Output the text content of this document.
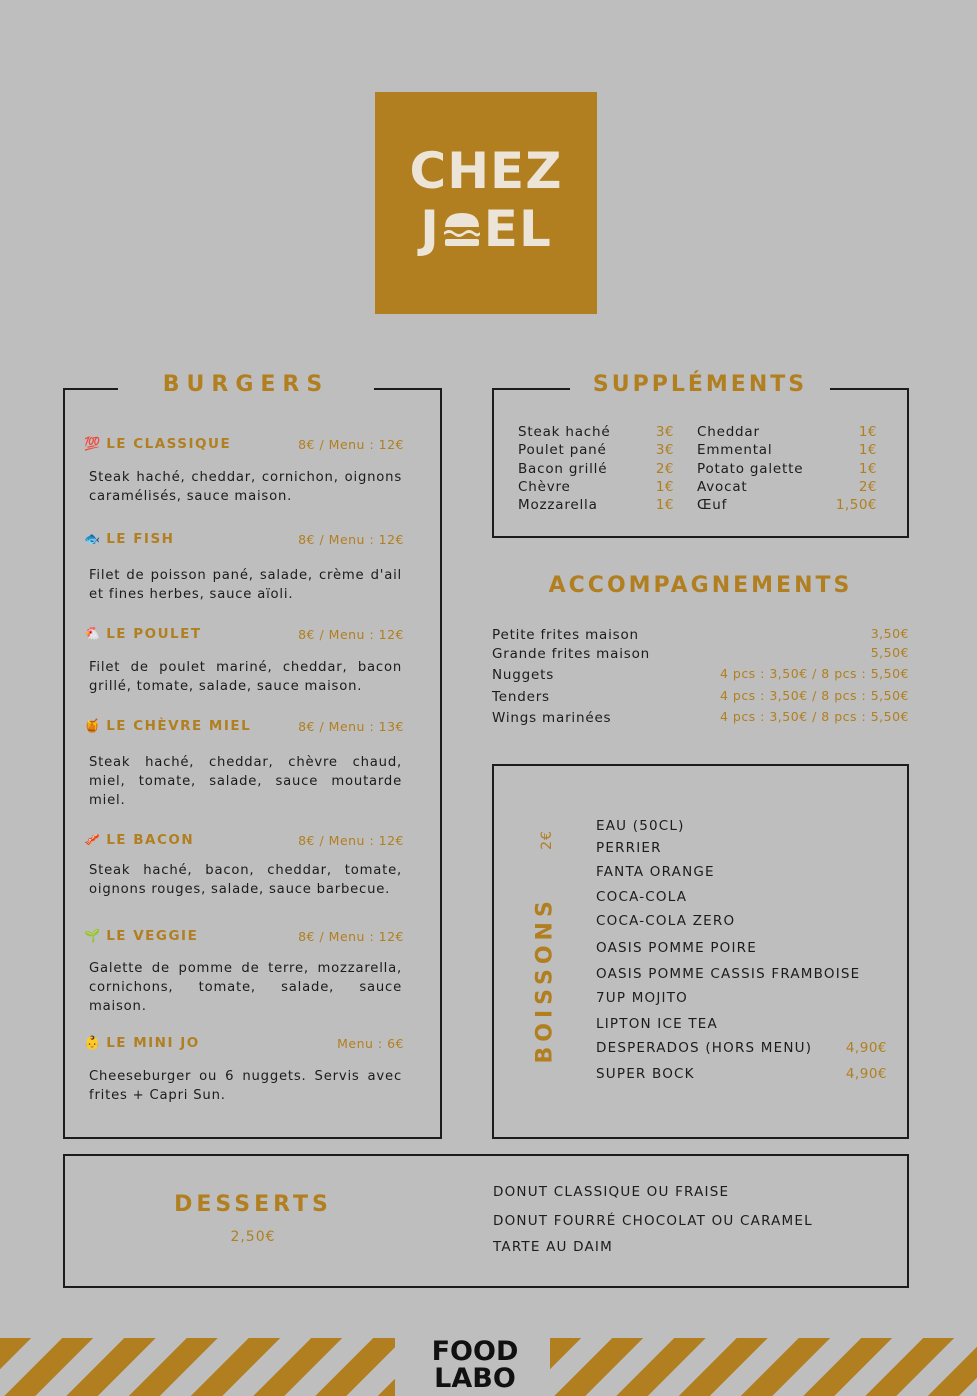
CHEZ
J EL
BURGERS
💯 LE CLASSIQUE	8€ / Menu : 12€
Steak haché, cheddar, cornichon, oignons caramélisés, sauce maison.
🐟 LE FISH	8€ / Menu : 12€
Filet de poisson pané, salade, crème d'ail et fines herbes, sauce aïoli.
🐔 LE POULET	8€ / Menu : 12€
Filet de poulet mariné, cheddar, bacon grillé, tomate, salade, sauce maison.
🍯 LE CHÈVRE MIEL	8€ / Menu : 13€
Steak haché, cheddar, chèvre chaud, miel, tomate, salade, sauce moutarde miel.
🥓 LE BACON	8€ / Menu : 12€
Steak haché, bacon, cheddar, tomate, oignons rouges, salade, sauce barbecue.
🌱 LE VEGGIE	8€ / Menu : 12€
Galette de pomme de terre, mozzarella, cornichons, tomate, salade, sauce maison.
👶 LE MINI JO	Menu : 6€
Cheeseburger ou 6 nuggets. Servis avec frites + Capri Sun.
SUPPLÉMENTS
Steak haché	3€
Poulet pané	3€
Bacon grillé	2€
Chèvre	1€
Mozzarella	1€
Cheddar	1€
Emmental	1€
Potato galette	1€
Avocat	2€
Œuf	1,50€
ACCOMPAGNEMENTS
Petite frites maison	3,50€
Grande frites maison	5,50€
Nuggets	4 pcs : 3,50€ / 8 pcs : 5,50€
Tenders	4 pcs : 3,50€ / 8 pcs : 5,50€
Wings marinées	4 pcs : 3,50€ / 8 pcs : 5,50€
BOISSONS
2€
EAU (50CL)
PERRIER
FANTA ORANGE
COCA-COLA
COCA-COLA ZERO
OASIS POMME POIRE
OASIS POMME CASSIS FRAMBOISE
7UP MOJITO
LIPTON ICE TEA
DESPERADOS (HORS MENU)	4,90€
SUPER BOCK	4,90€
DESSERTS
2,50€
DONUT CLASSIQUE OU FRAISE
DONUT FOURRÉ CHOCOLAT OU CARAMEL
TARTE AU DAIM
FOOD
LABO
